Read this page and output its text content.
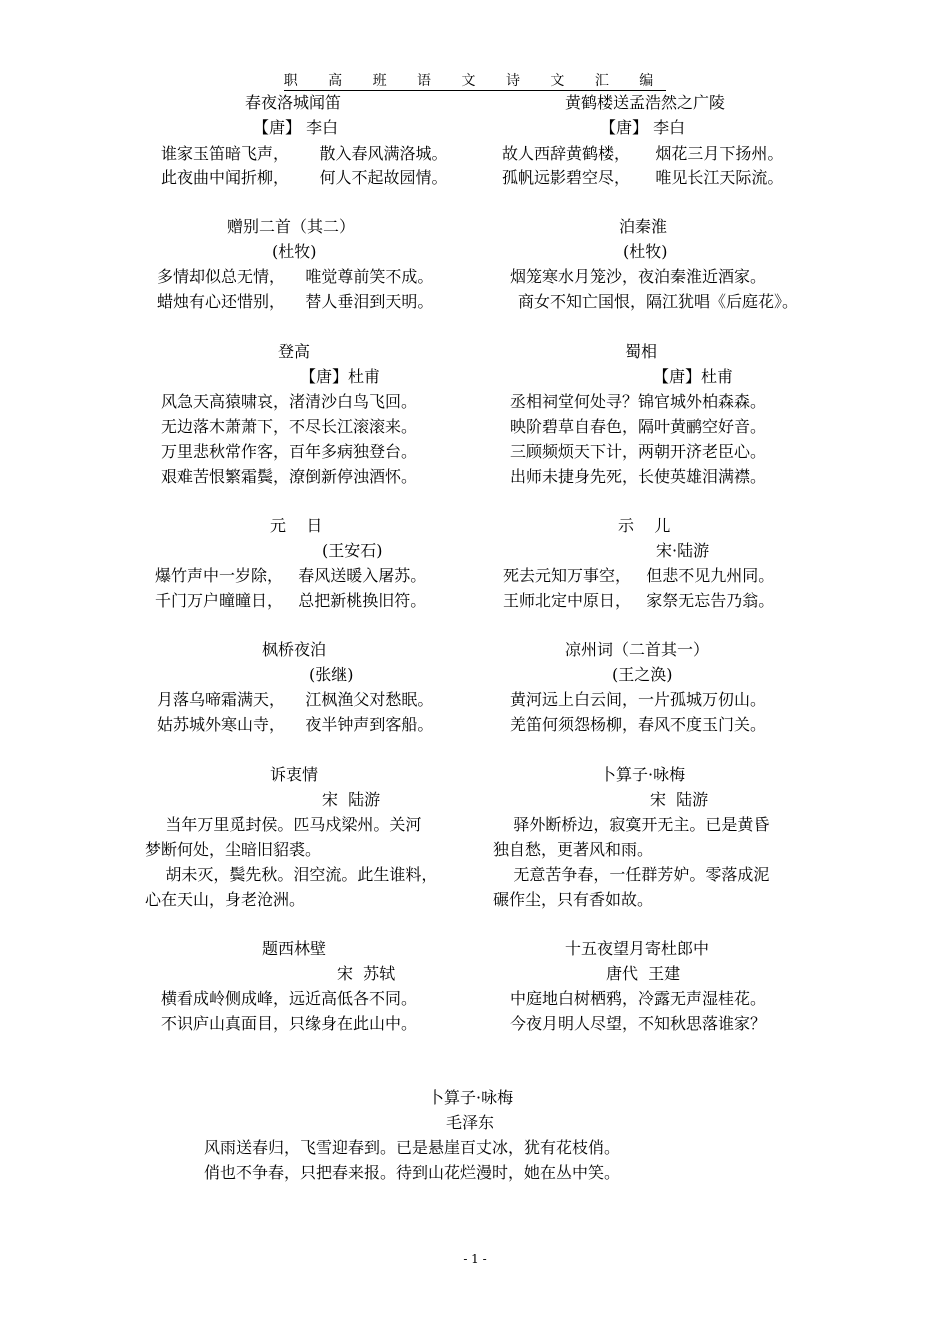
职 高 班 语 文 诗 文 汇 编
春夜洛城闻笛
【唐】 李白
谁家玉笛暗飞声，      散入春风满洛城。
此夜曲中闻折柳，      何人不起故园情。
黄鹤楼送孟浩然之广陵
【唐】 李白
故人西辞黄鹤楼，     烟花三月下扬州。
孤帆远影碧空尽，     唯见长江天际流。
赠别二首（其二）
(杜牧)
多情却似总无情，    唯觉尊前笑不成。
蜡烛有心还惜别，    替人垂泪到天明。
泊秦淮
(杜牧)
烟笼寒水月笼沙，夜泊秦淮近酒家。
商女不知亡国恨，隔江犹唱《后庭花》。
登高
【唐】杜甫
风急天高猿啸哀，渚清沙白鸟飞回。
无边落木萧萧下，不尽长江滚滚来。
万里悲秋常作客，百年多病独登台。
艰难苦恨繁霜鬓，潦倒新停浊酒怀。
蜀相
【唐】杜甫
丞相祠堂何处寻？锦官城外柏森森。
映阶碧草自春色，隔叶黄鹂空好音。
三顾频烦天下计，两朝开济老臣心。
出师未捷身先死，长使英雄泪满襟。
元    日
(王安石)
爆竹声中一岁除，   春风送暖入屠苏。
千门万户曈曈日，   总把新桃换旧符。
示    儿
宋·陆游
死去元知万事空，   但悲不见九州同。
王师北定中原日，   家祭无忘告乃翁。
枫桥夜泊
(张继)
月落乌啼霜满天，    江枫渔父对愁眠。
姑苏城外寒山寺，    夜半钟声到客船。
凉州词（二首其一）
(王之涣)
黄河远上白云间，一片孤城万仞山。
羌笛何须怨杨柳，春风不度玉门关。
诉衷情
宋  陆游
当年万里觅封侯。匹马戍梁州。关河
梦断何处，尘暗旧貂裘。
胡未灭，鬓先秋。泪空流。此生谁料，
心在天山，身老沧洲。
卜算子·咏梅
宋  陆游
驿外断桥边，寂寞开无主。已是黄昏
独自愁，更著风和雨。
无意苦争春，一任群芳妒。零落成泥
碾作尘，只有香如故。
题西林壁
宋  苏轼
横看成岭侧成峰，远近高低各不同。
不识庐山真面目，只缘身在此山中。
十五夜望月寄杜郎中
唐代  王建
中庭地白树栖鸦，冷露无声湿桂花。
今夜月明人尽望，不知秋思落谁家？
卜算子·咏梅
毛泽东
风雨送春归，飞雪迎春到。已是悬崖百丈冰，犹有花枝俏。
俏也不争春，只把春来报。待到山花烂漫时，她在丛中笑。
- 1 -
